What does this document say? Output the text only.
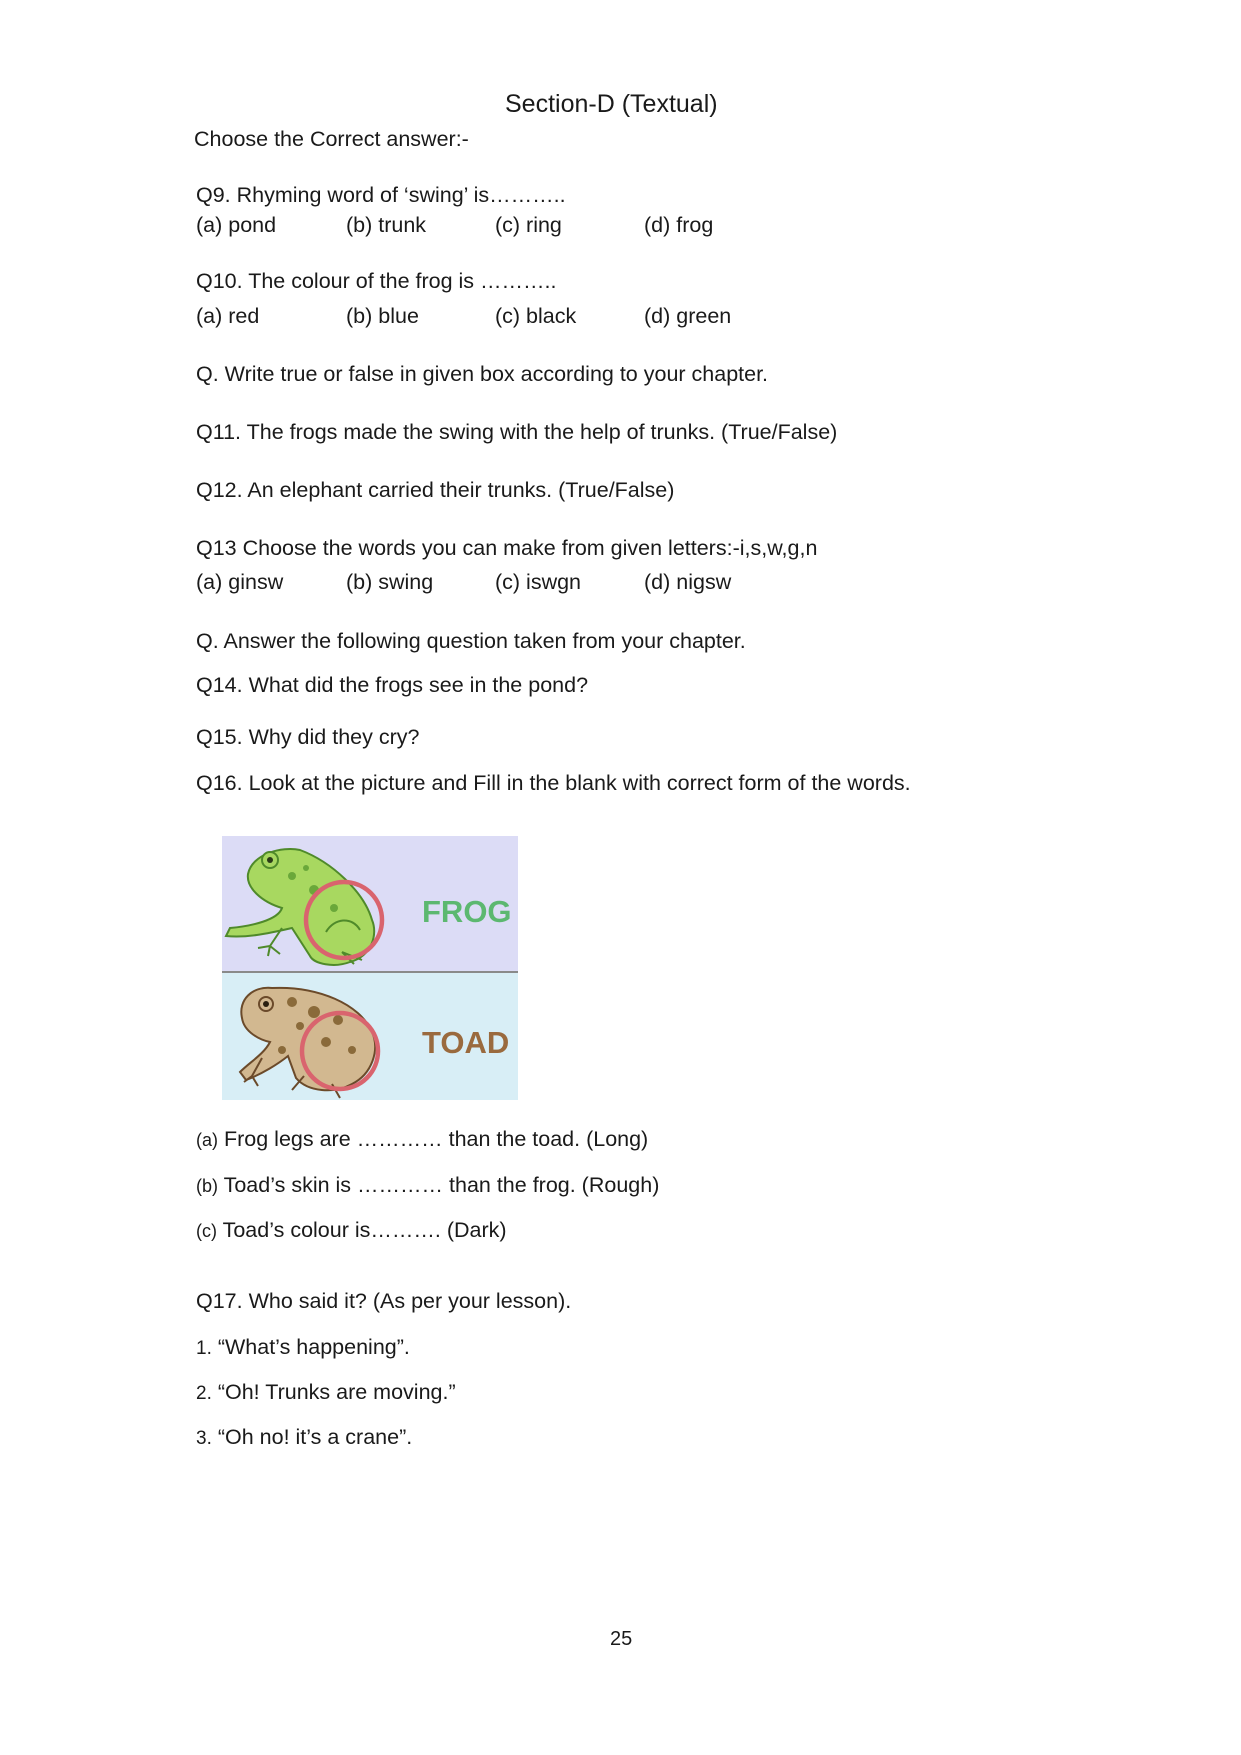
Section-D (Textual)
Choose the Correct answer:-
Q9. Rhyming word of ‘swing’ is………..
(a) pond	(b) trunk	(c) ring	(d) frog
Q10. The colour of the frog is ………..
(a) red	(b) blue	(c) black	(d) green
Q. Write true or false in given box according to your chapter.
Q11. The frogs made the swing with the help of trunks. (True/False)
Q12. An elephant carried their trunks. (True/False)
Q13 Choose the words you can make from given letters:-i,s,w,g,n
(a) ginsw	(b) swing	(c) iswgn	(d) nigsw
Q. Answer the following question taken from your chapter.
Q14. What did the frogs see in the pond?
Q15. Why did they cry?
Q16. Look at the picture and Fill in the blank with correct form of the words.
FROG
TOAD
(a) Frog legs are ………… than the toad. (Long)
(b) Toad’s skin is ………… than the frog. (Rough)
(c) Toad’s colour is………. (Dark)
Q17. Who said it? (As per your lesson).
1. “What’s happening”.
2. “Oh! Trunks are moving.”
3. “Oh no! it’s a crane”.
25
